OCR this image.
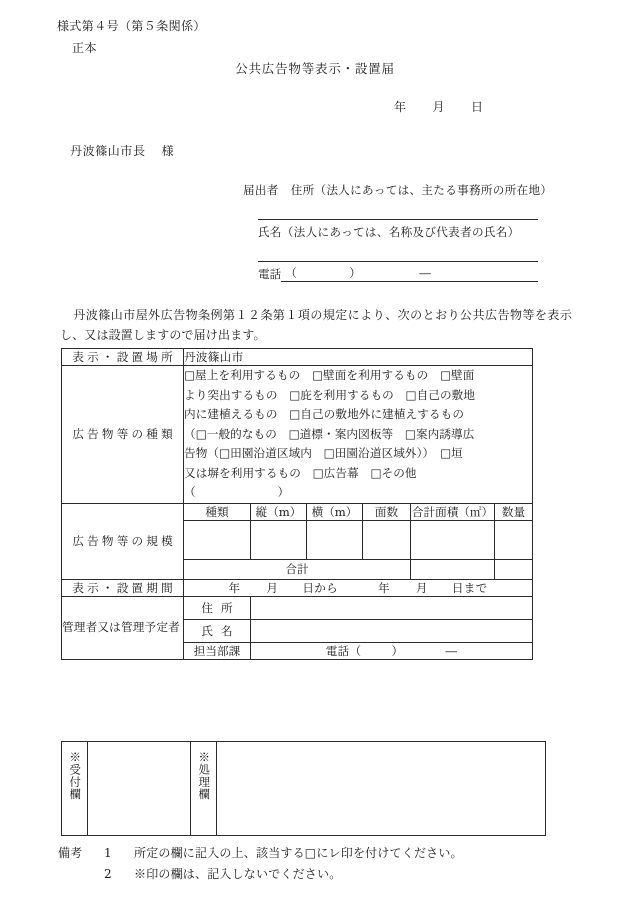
様式第４号（第５条関係）
正本
公共広告物等表示・設置届
年 月 日
丹波篠山市長 様
届出者 住所（法人にあっては、主たる事務所の所在地）
氏名（法人にあっては、名称及び代表者の氏名）
電話 （	）	―
丹波篠山市屋外広告物条例第１２条第１項の規定により、次のとおり公共広告物等を表示し、又は設置しますので届け出ます。
表示・設置場所	丹波篠山市					

広告物等の種類

□屋上を利用するもの　□壁面を利用するもの　□壁面
より突出するもの　□庇を利用するもの　□自己の敷地
内に建植えるもの　□自己の敷地外に建植えするもの
（□一般的なもの　□道標・案内図板等　□案内誘導広
告物（□田園沿道区域内　□田園沿道区域外））　□垣
又は塀を利用するもの　□広告幕　□その他
（　　　　　　　）

広告物等の規模	種類	縦（m）	横（m）	面数	合計面積（㎡）	数量

	合計					

表示・設置期間	年 月 日から 年 月 日まで					
管理者又は管理予定者	住所					

	氏名					

	担当部課	電話（ ） ―				
※受付欄		※処理欄

備考 1 所定の欄に記入の上、該当する□にレ印を付けてください。
2 ※印の欄は、記入しないでください。
